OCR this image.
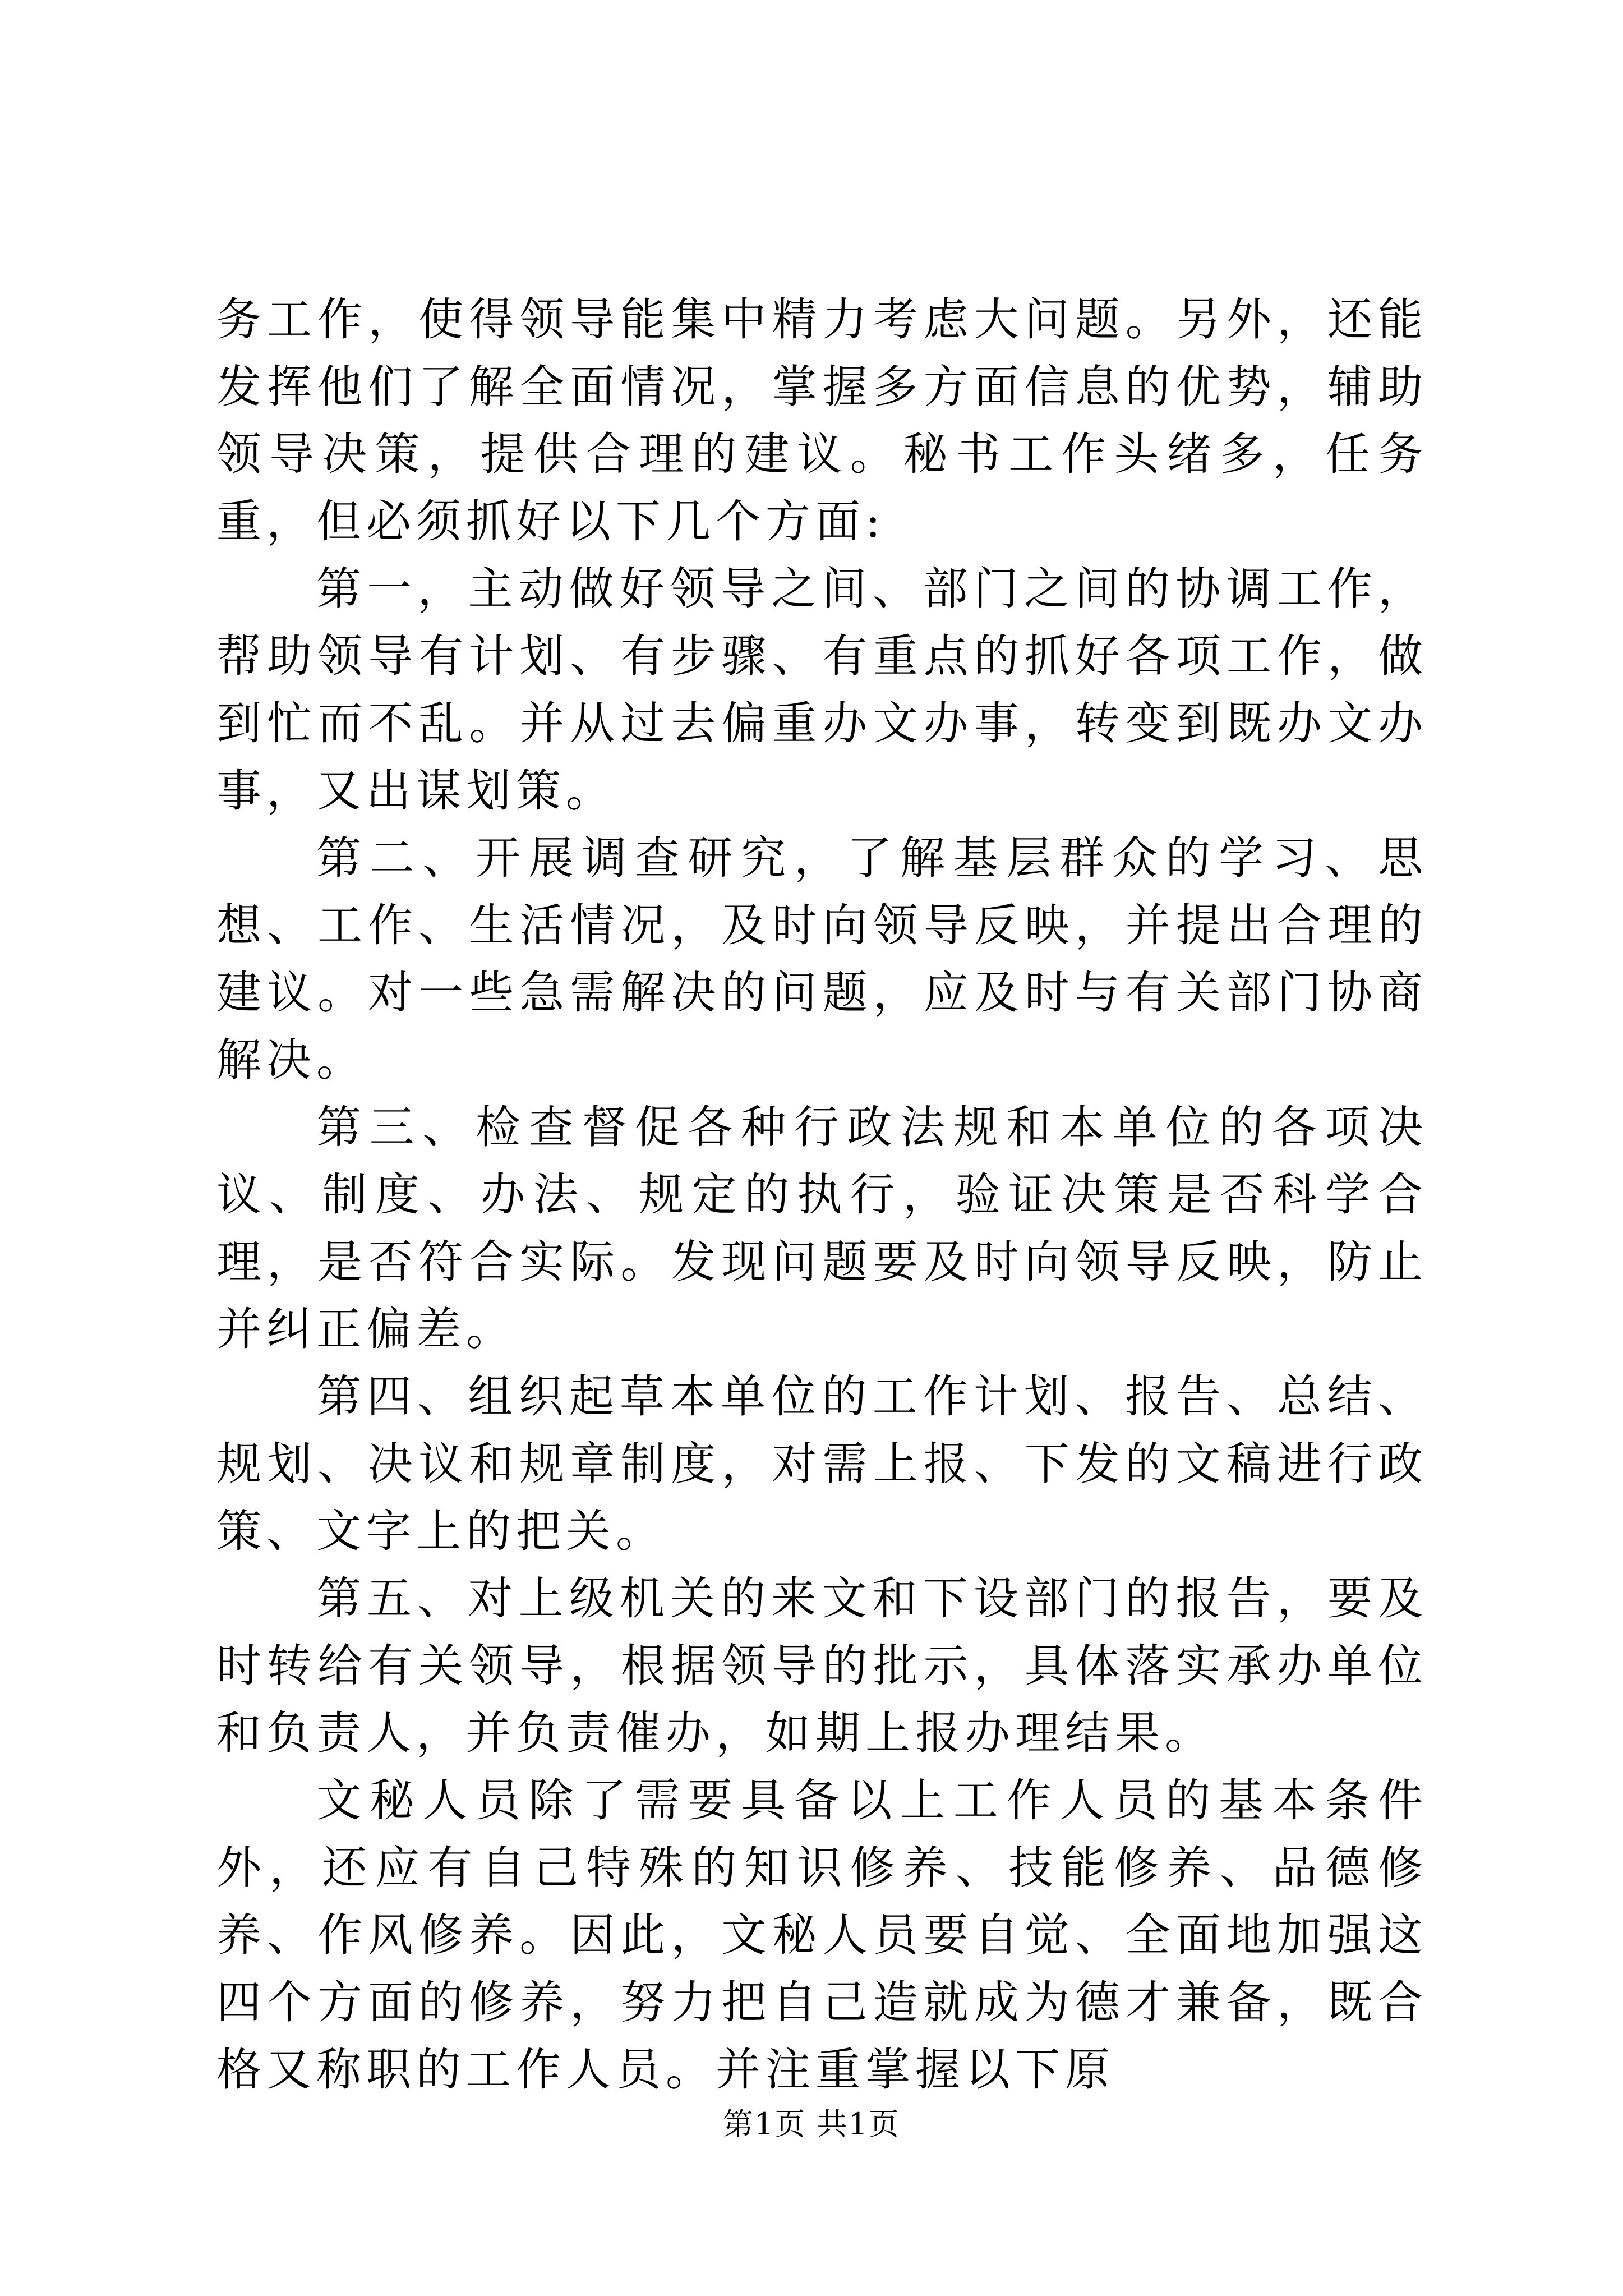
务工作，使得领导能集中精力考虑大问题。另外，还能发挥他们了解全面情况，掌握多方面信息的优势，辅助领导决策，提供合理的建议。秘书工作头绪多，任务重，但必须抓好以下几个方面:

第一，主动做好领导之间、部门之间的协调工作，帮助领导有计划、有步骤、有重点的抓好各项工作，做到忙而不乱。并从过去偏重办文办事，转变到既办文办事，又出谋划策。

第二、开展调查研究，了解基层群众的学习、思想、工作、生活情况，及时向领导反映，并提出合理的建议。对一些急需解决的问题，应及时与有关部门协商解决。

第三、检查督促各种行政法规和本单位的各项决议、制度、办法、规定的执行，验证决策是否科学合理，是否符合实际。发现问题要及时向领导反映，防止并纠正偏差。

第四、组织起草本单位的工作计划、报告、总结、规划、决议和规章制度，对需上报、下发的文稿进行政策、文字上的把关。

第五、对上级机关的来文和下设部门的报告，要及时转给有关领导，根据领导的批示，具体落实承办单位和负责人，并负责催办，如期上报办理结果。

文秘人员除了需要具备以上工作人员的基本条件外，还应有自己特殊的知识修养、技能修养、品德修养、作风修养。因此，文秘人员要自觉、全面地加强这四个方面的修养，努力把自己造就成为德才兼备，既合格又称职的工作人员。并注重掌握以下原

第1页 共1页
